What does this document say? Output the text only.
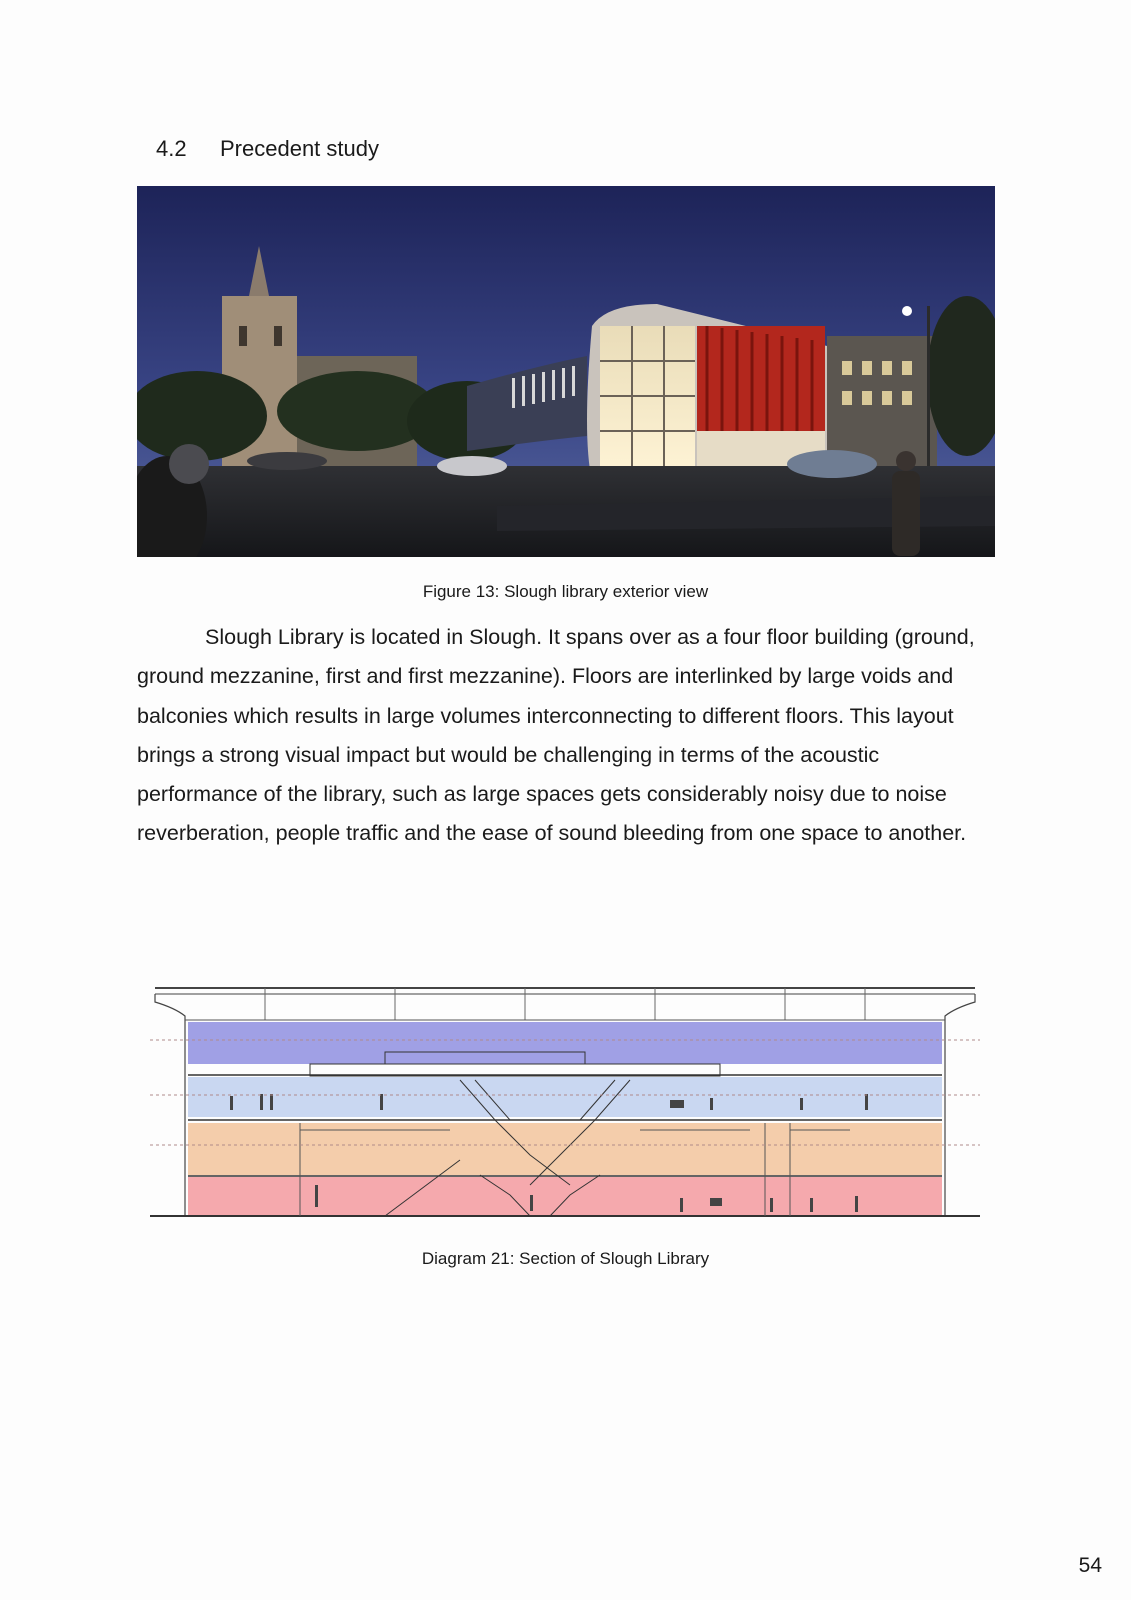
4.2	Precedent study
Figure 13: Slough library exterior view

Slough Library is located in Slough. It spans over as a four floor building (ground, ground mezzanine, first and first mezzanine). Floors are interlinked by large voids and balconies which results in large volumes interconnecting to different floors. This layout brings a strong visual impact but would be challenging in terms of the acoustic performance of the library, such as large spaces gets considerably noisy due to noise reverberation, people traffic and the ease of sound bleeding from one space to another.

Diagram 21: Section of Slough Library
54
